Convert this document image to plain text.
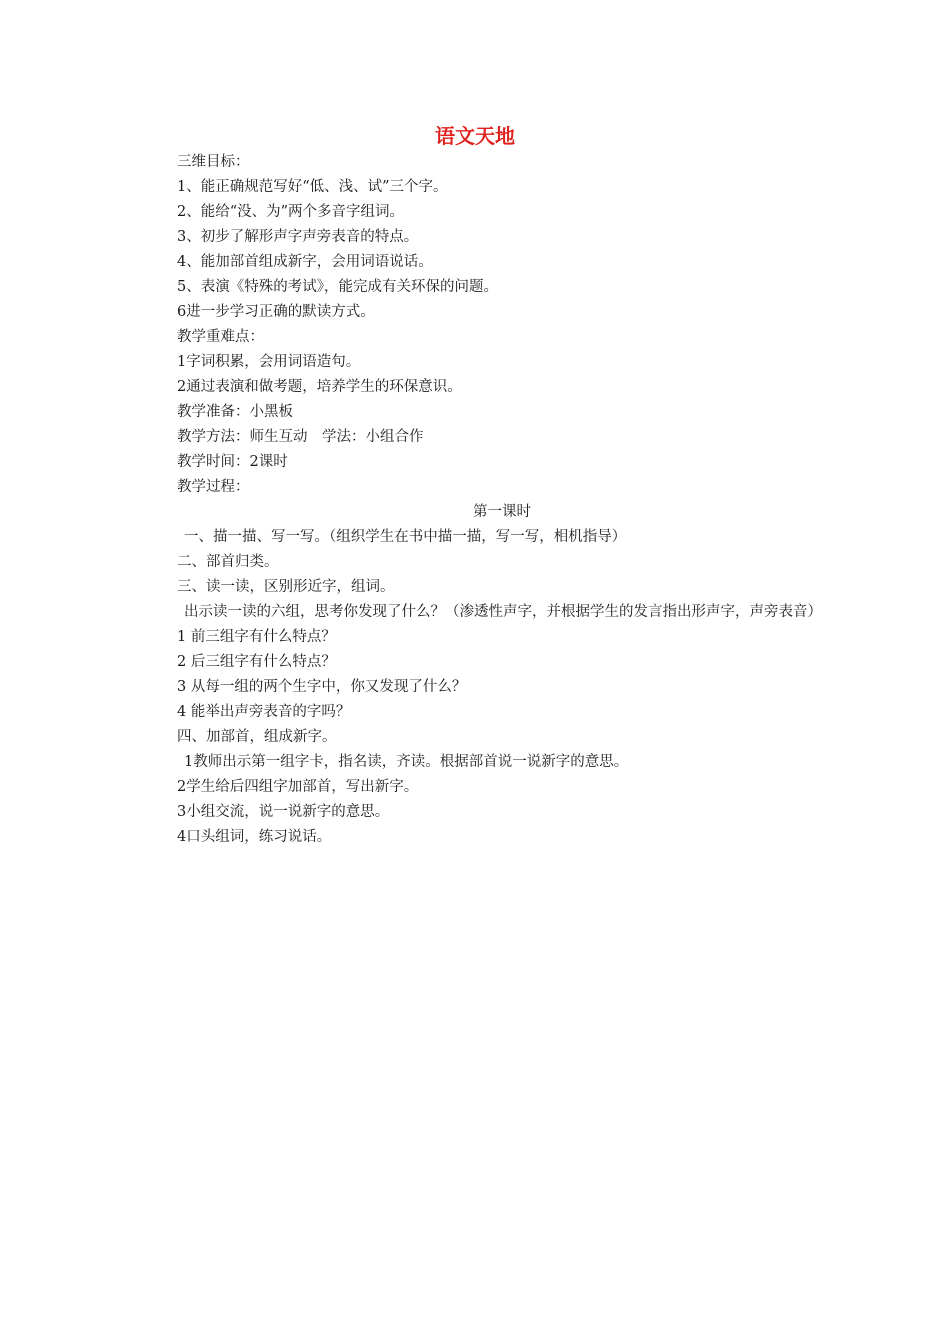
语文天地

三维目标：

1、能正确规范写好“低、浅、试”三个字。

2、能给“没、为”两个多音字组词。

3、初步了解形声字声旁表音的特点。

4、能加部首组成新字，会用词语说话。

5、表演《特殊的考试》，能完成有关环保的问题。

6进一步学习正确的默读方式。

教学重难点：

1字词积累，会用词语造句。

2通过表演和做考题，培养学生的环保意识。

教学准备：小黑板

教学方法：师生互动　学法：小组合作

教学时间：2课时

教学过程：

第一课时

一、描一描、写一写。（组织学生在书中描一描，写一写，相机指导）

二、部首归类。

三、读一读，区别形近字，组词。

出示读一读的六组，思考你发现了什么？（渗透性声字，并根据学生的发言指出形声字，声旁表音）

1 前三组字有什么特点？

2 后三组字有什么特点？

3 从每一组的两个生字中，你又发现了什么？

4 能举出声旁表音的字吗？

四、加部首，组成新字。

1教师出示第一组字卡，指名读，齐读。根据部首说一说新字的意思。

2学生给后四组字加部首，写出新字。

3小组交流，说一说新字的意思。

4口头组词，练习说话。
